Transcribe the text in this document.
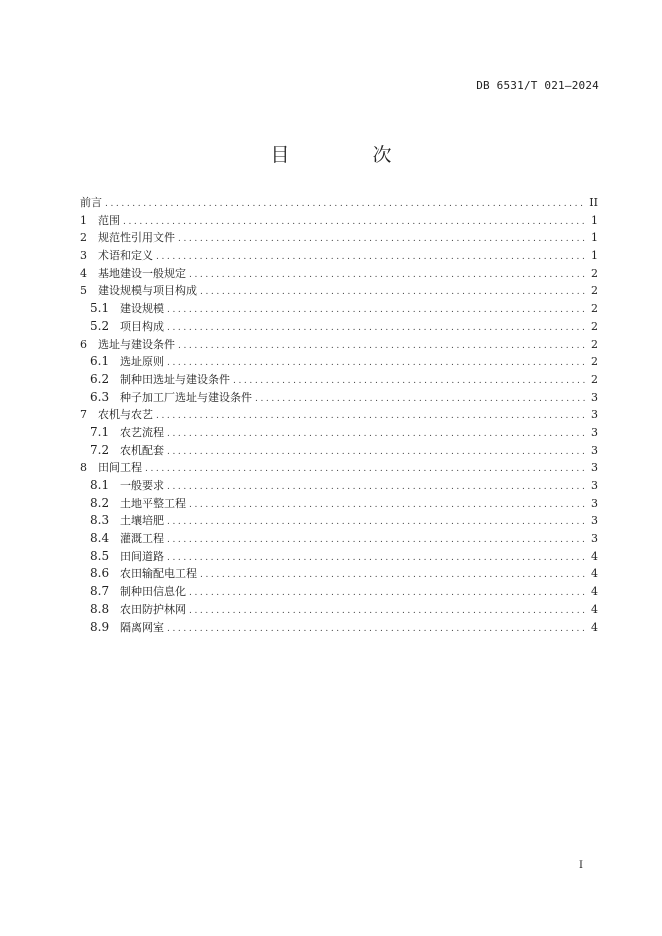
DB 6531/T 021—2024
目　次
前言 .....	II
1	范围 .....	1
2	规范性引用文件 .....	1
3	术语和定义 .....	1
4	基地建设一般规定 .....	2
5	建设规模与项目构成 .....	2
5.1 建设规模 .....	2
5.2 项目构成 .....	2
6	选址与建设条件 .....	2
6.1 选址原则 .....	2
6.2 制种田选址与建设条件 .....	2
6.3 种子加工厂选址与建设条件 .....	3
7	农机与农艺 .....	3
7.1 农艺流程 .....	3
7.2 农机配套 .....	3
8	田间工程 .....	3
8.1 一般要求 .....	3
8.2 土地平整工程 .....	3
8.3 土壤培肥 .....	3
8.4 灌溉工程 .....	3
8.5 田间道路 .....	4
8.6 农田输配电工程 .....	4
8.7 制种田信息化 .....	4
8.8 农田防护林网 .....	4
8.9 隔离网室 .....	4
I
